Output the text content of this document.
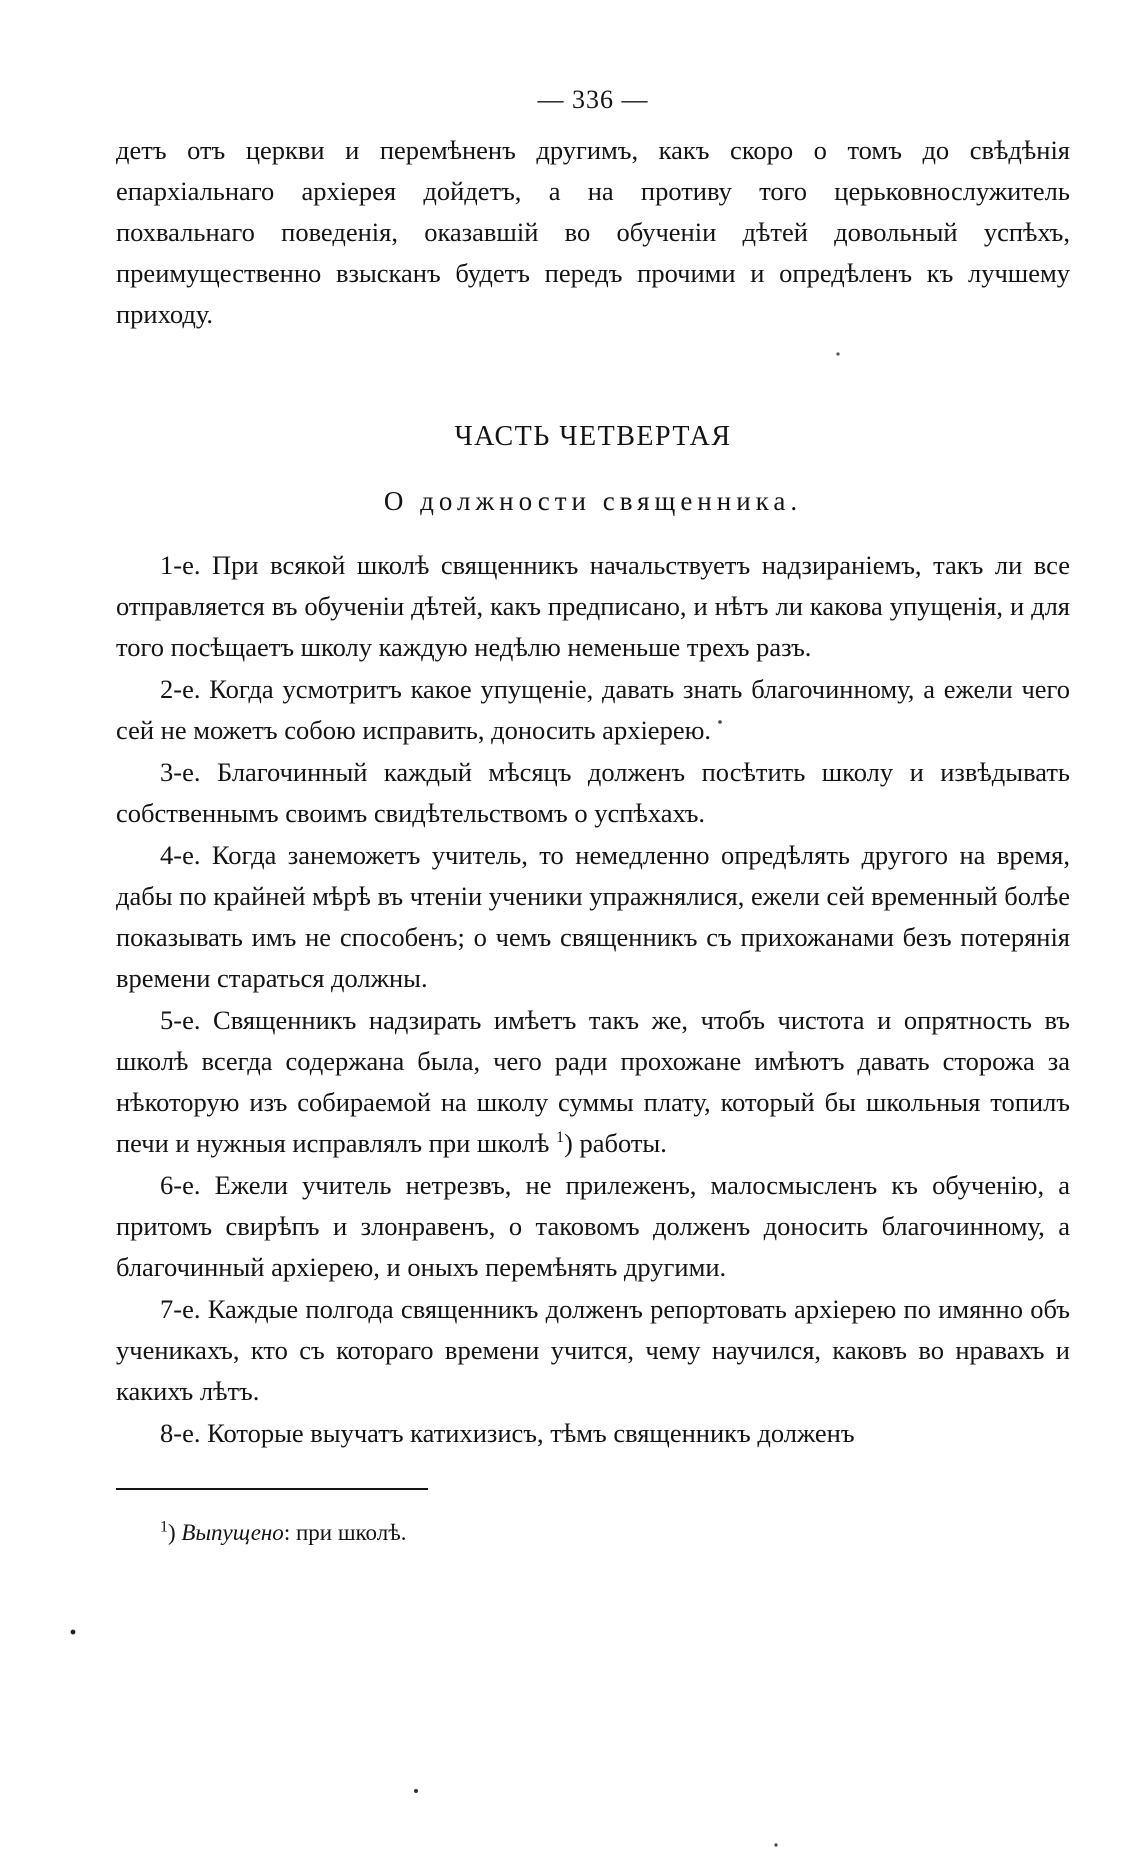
— 336 —

детъ отъ церкви и перемѣненъ другимъ, какъ скоро о томъ до свѣдѣнія епархіальнаго архіерея дойдетъ, а на противу того церьковнослужитель похвальнаго поведенія, оказавшій во обученіи дѣтей довольный успѣхъ, преимущественно взысканъ будетъ передъ прочими и опредѣленъ къ лучшему приходу.

ЧАСТЬ ЧЕТВЕРТАЯ
О должности священника.

1-е. При всякой школѣ священникъ начальствуетъ надзираніемъ, такъ ли все отправляется въ обученіи дѣтей, какъ предписано, и нѣтъ ли какова упущенія, и для того посѣщаетъ школу каждую недѣлю неменьше трехъ разъ.

2-е. Когда усмотритъ какое упущеніе, давать знать благочинному, а ежели чего сей не можетъ собою исправить, доносить архіерею.

3-е. Благочинный каждый мѣсяцъ долженъ посѣтить школу и извѣдывать собственнымъ своимъ свидѣтельствомъ о успѣхахъ.

4-е. Когда занеможетъ учитель, то немедленно опредѣлять другого на время, дабы по крайней мѣрѣ въ чтеніи ученики упражнялися, ежели сей временный болѣе показывать имъ не способенъ; о чемъ священникъ съ прихожанами безъ потерянія времени стараться должны.

5-е. Священникъ надзирать имѣетъ такъ же, чтобъ чистота и опрятность въ школѣ всегда содержана была, чего ради прохожане имѣютъ давать сторожа за нѣкоторую изъ собираемой на школу суммы плату, который бы школьныя топилъ печи и нужныя исправлялъ при школѣ $^1$) работы.

6-е. Ежели учитель нетрезвъ, не прилеженъ, малосмысленъ къ обученію, а притомъ свирѣпъ и злонравенъ, о таковомъ долженъ доносить благочинному, а благочинный архіерею, и оныхъ перемѣнять другими.

7-е. Каждые полгода священникъ долженъ репортовать архіерею по имянно объ ученикахъ, кто съ котораго времени учится, чему научился, каковъ во нравахъ и какихъ лѣтъ.

8-е. Которые выучатъ катихизисъ, тѣмъ священникъ долженъ

$^1$) Выпущено: при школѣ.
